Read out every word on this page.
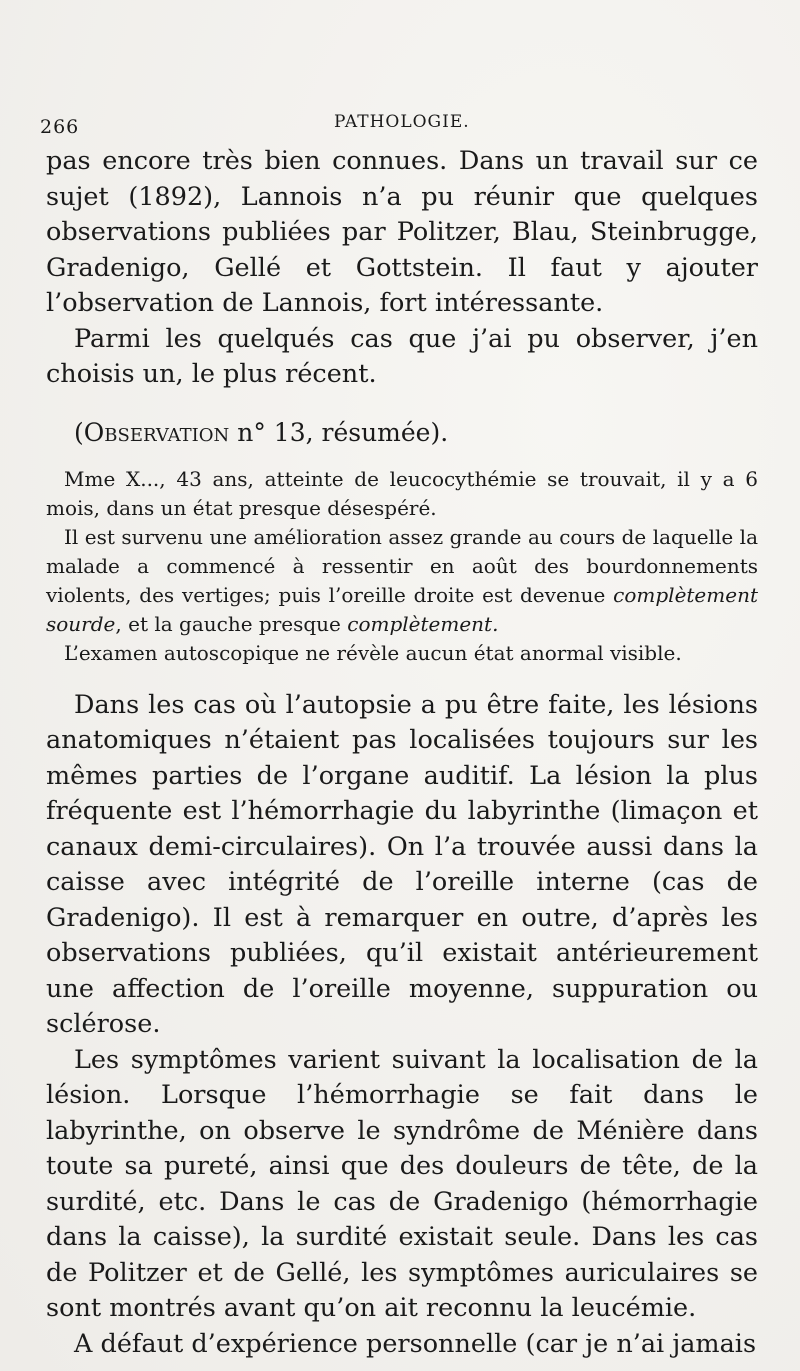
266	PATHOLOGIE.

pas encore très bien connues. Dans un travail sur ce sujet (1892), Lannois n’a pu réunir que quelques observations publiées par Politzer, Blau, Steinbrugge, Gradenigo, Gellé et Gottstein. Il faut y ajouter l’observation de Lannois, fort intéressante.

Parmi les quelqués cas que j’ai pu observer, j’en choisis un, le plus récent.

(Observation n° 13, résumée).

Mme X..., 43 ans, atteinte de leucocythémie se trouvait, il y a 6 mois, dans un état presque désespéré.

Il est survenu une amélioration assez grande au cours de laquelle la malade a commencé à ressentir en août des bourdonnements violents, des vertiges; puis l’oreille droite est devenue complètement sourde, et la gauche presque complètement.

L’examen autoscopique ne révèle aucun état anormal visible.

Dans les cas où l’autopsie a pu être faite, les lésions anatomiques n’étaient pas localisées toujours sur les mêmes parties de l’organe auditif. La lésion la plus fréquente est l’hémorrhagie du labyrinthe (limaçon et canaux demi-circulaires). On l’a trouvée aussi dans la caisse avec intégrité de l’oreille interne (cas de Gradenigo). Il est à remarquer en outre, d’après les observations publiées, qu’il existait antérieurement une affection de l’oreille moyenne, suppuration ou sclérose.

Les symptômes varient suivant la localisation de la lésion. Lorsque l’hémorrhagie se fait dans le labyrinthe, on observe le syndrôme de Ménière dans toute sa pureté, ainsi que des douleurs de tête, de la surdité, etc. Dans le cas de Gradenigo (hémorrhagie dans la caisse), la surdité existait seule. Dans les cas de Politzer et de Gellé, les symptômes auriculaires se sont montrés avant qu’on ait reconnu la leucémie.

A défaut d’expérience personnelle (car je n’ai jamais
